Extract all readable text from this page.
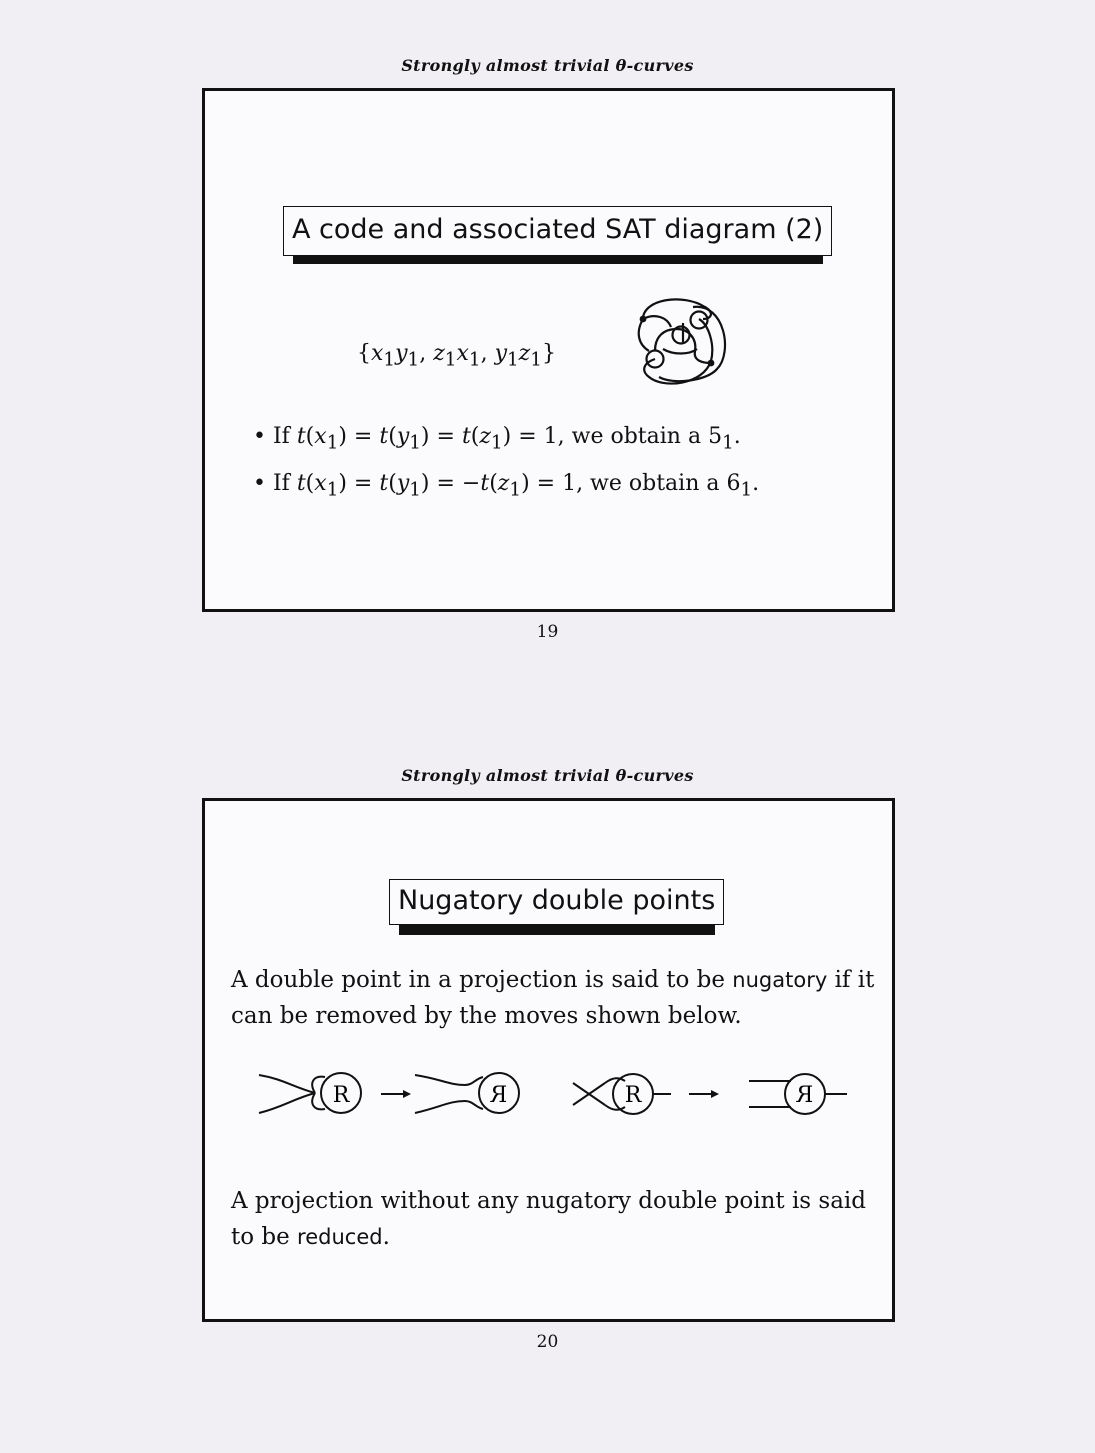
Strongly almost trivial θ-curves
A code and associated SAT diagram (2)
{$x_1y_1$, $z_1x_1$, $y_1z_1$}
• If $t(x_1) = t(y_1) = t(z_1) = 1$, we obtain a $5_1$.
• If $t(x_1) = t(y_1) = -t(z_1) = 1$, we obtain a $6_1$.
19
Strongly almost trivial θ-curves
Nugatory double points
A double point in a projection is said to be nugatory if it can be removed by the moves shown below.
R	R	R	R
A projection without any nugatory double point is said to be reduced.
20
